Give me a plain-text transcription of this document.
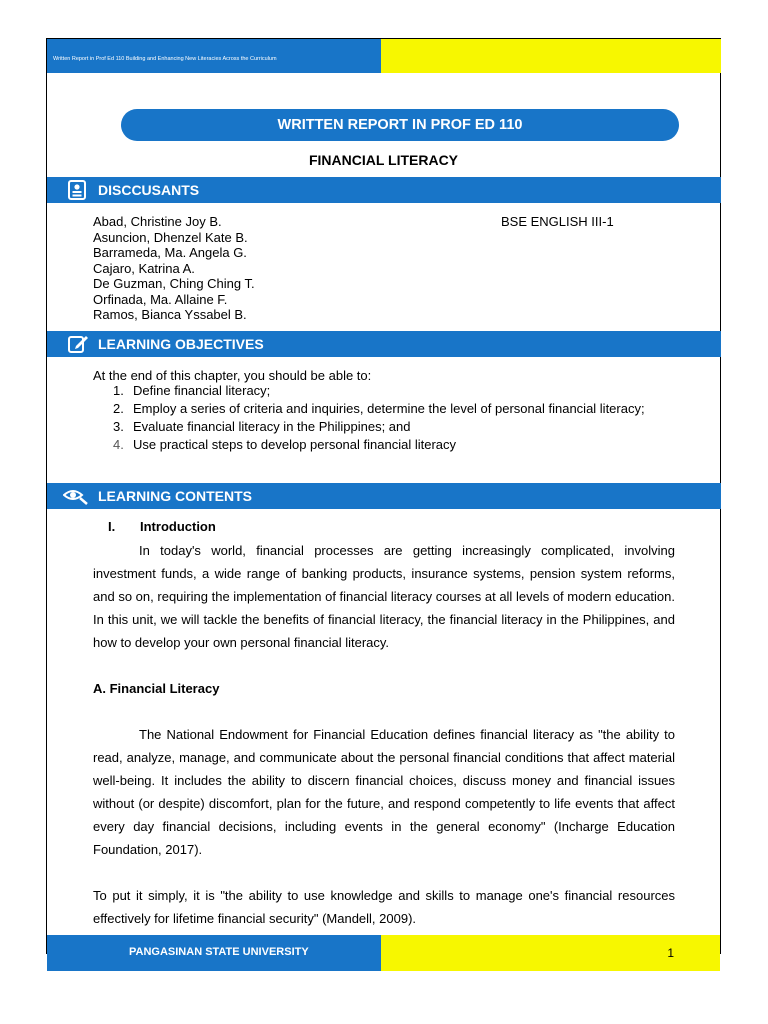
Written Report in Prof Ed 110 Building and Enhancing New Literacies Across the Curriculum
WRITTEN REPORT IN PROF ED 110
FINANCIAL LITERACY
DISCCUSANTS
Abad, Christine Joy B.
Asuncion, Dhenzel Kate B.
Barrameda, Ma. Angela G.
Cajaro, Katrina A.
De Guzman, Ching Ching T.
Orfinada, Ma. Allaine F.
Ramos, Bianca Yssabel B.
BSE ENGLISH III-1
LEARNING OBJECTIVES
At the end of this chapter, you should be able to:
1. Define financial literacy;
2. Employ a series of criteria and inquiries, determine the level of personal financial literacy;
3. Evaluate financial literacy in the Philippines; and
4. Use practical steps to develop personal financial literacy
LEARNING CONTENTS
I. Introduction
In today's world, financial processes are getting increasingly complicated, involving investment funds, a wide range of banking products, insurance systems, pension system reforms, and so on, requiring the implementation of financial literacy courses at all levels of modern education. In this unit, we will tackle the benefits of financial literacy, the financial literacy in the Philippines, and how to develop your own personal financial literacy.
A. Financial Literacy
The National Endowment for Financial Education defines financial literacy as "the ability to read, analyze, manage, and communicate about the personal financial conditions that affect material well-being. It includes the ability to discern financial choices, discuss money and financial issues without (or despite) discomfort, plan for the future, and respond competently to life events that affect every day financial decisions, including events in the general economy" (Incharge Education Foundation, 2017).
To put it simply, it is "the ability to use knowledge and skills to manage one's financial resources effectively for lifetime financial security" (Mandell, 2009).
PANGASINAN STATE UNIVERSITY	1
